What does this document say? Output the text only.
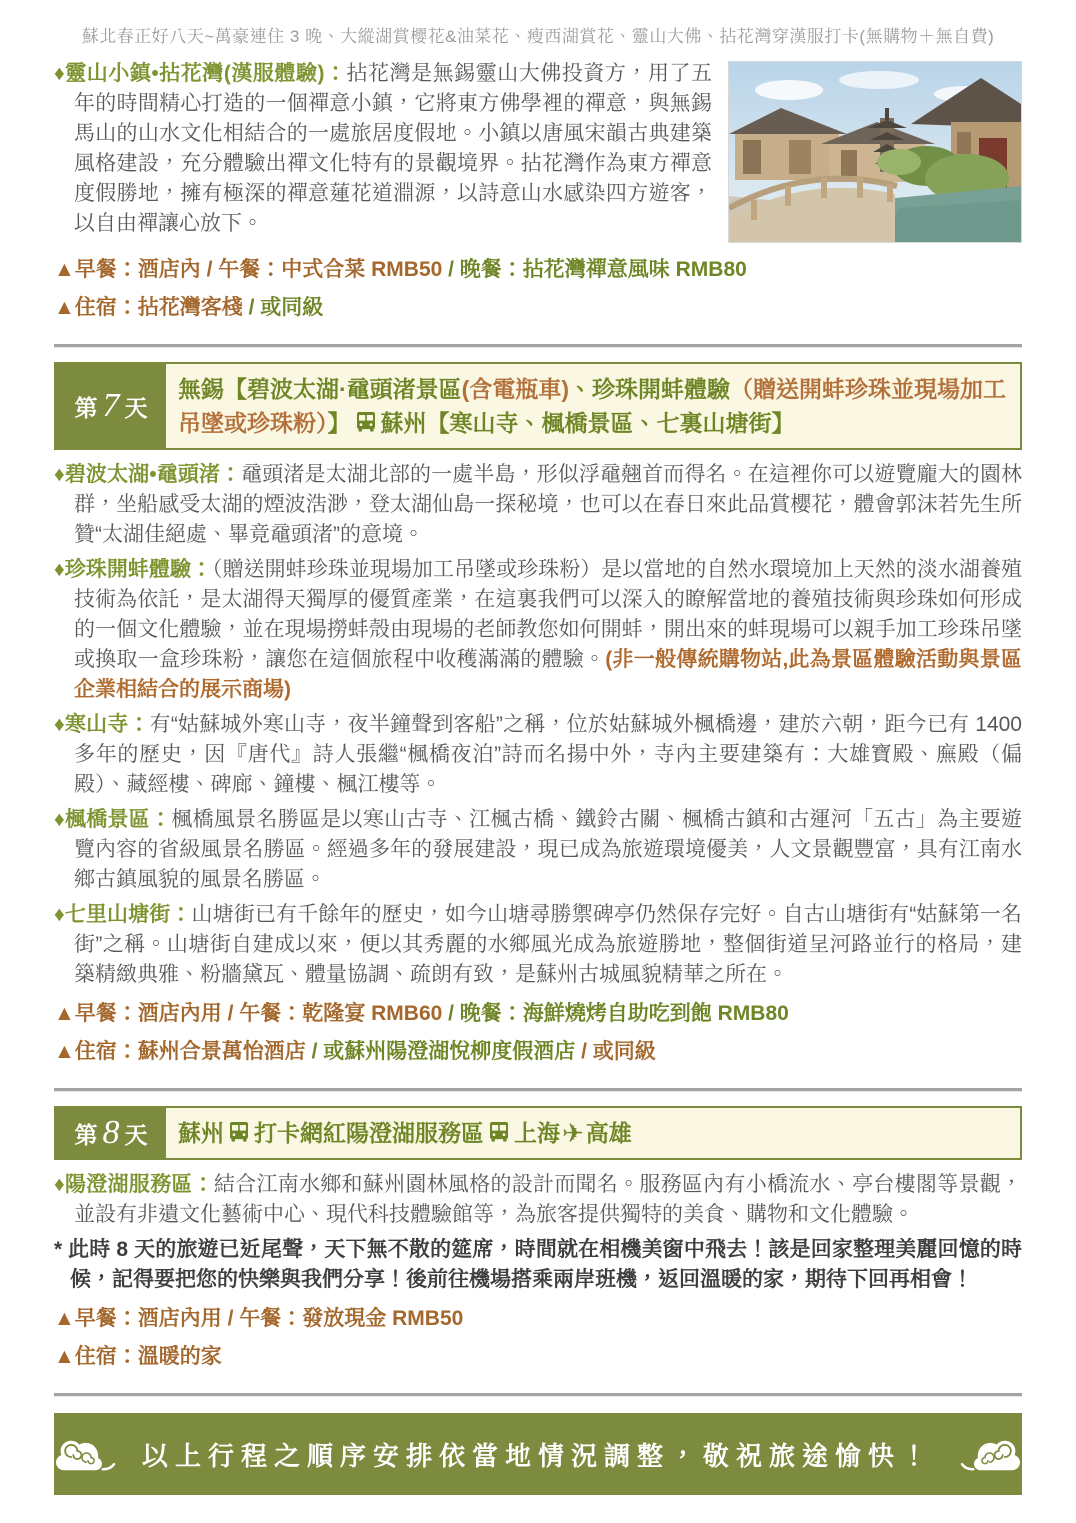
蘇北春正好八天~萬豪連住 3 晚、大縱湖賞櫻花&油菜花、瘦西湖賞花、靈山大佛、拈花灣穿漢服打卡(無購物＋無自費)

♦靈山小鎮•拈花灣(漢服體驗)：拈花灣是無錫靈山大佛投資方，用了五年的時間精心打造的一個禪意小鎮，它將東方佛學裡的禪意，與無錫馬山的山水文化相結合的一處旅居度假地。小鎮以唐風宋韻古典建築風格建設，充分體驗出禪文化特有的景觀境界。拈花灣作為東方禪意度假勝地，擁有極深的禪意蓮花道淵源，以詩意山水感染四方遊客，以自由禪讓心放下。

▲早餐：酒店內 / 午餐：中式合菜 RMB50 / 晚餐：拈花灣禪意風味 RMB80

▲住宿：拈花灣客棧 / 或同級

第 7 天
無錫【碧波太湖·黿頭渚景區(含電瓶車)、珍珠開蚌體驗（贈送開蚌珍珠並現場加工吊墜或珍珠粉）】 蘇州【寒山寺、楓橋景區、七裏山塘街】

♦碧波太湖•黿頭渚：黿頭渚是太湖北部的一處半島，形似浮黿翹首而得名。在這裡你可以遊覽龐大的園林群，坐船感受太湖的煙波浩渺，登太湖仙島一探秘境，也可以在春日來此品賞櫻花，體會郭沫若先生所贊“太湖佳絕處、畢竟黿頭渚”的意境。

♦珍珠開蚌體驗：（贈送開蚌珍珠並現場加工吊墜或珍珠粉）是以當地的自然水環境加上天然的淡水湖養殖技術為依託，是太湖得天獨厚的優質產業，在這裏我們可以深入的瞭解當地的養殖技術與珍珠如何形成的一個文化體驗，並在現場撈蚌殼由現場的老師教您如何開蚌，開出來的蚌現場可以親手加工珍珠吊墜或換取一盒珍珠粉，讓您在這個旅程中收穫滿滿的體驗。(非一般傳統購物站,此為景區體驗活動與景區企業相結合的展示商場)

♦寒山寺：有“姑蘇城外寒山寺，夜半鐘聲到客船”之稱，位於姑蘇城外楓橋邊，建於六朝，距今已有 1400 多年的歷史，因『唐代』詩人張繼“楓橋夜泊”詩而名揚中外，寺內主要建築有：大雄寶殿、廡殿（偏殿）、藏經樓、碑廊、鐘樓、楓江樓等。

♦楓橋景區：楓橋風景名勝區是以寒山古寺、江楓古橋、鐵鈴古關、楓橋古鎮和古運河「五古」為主要遊覽內容的省級風景名勝區。經過多年的發展建設，現已成為旅遊環境優美，人文景觀豐富，具有江南水鄉古鎮風貌的風景名勝區。

♦七里山塘街：山塘街已有千餘年的歷史，如今山塘尋勝禦碑亭仍然保存完好。自古山塘街有“姑蘇第一名街”之稱。山塘街自建成以來，便以其秀麗的水鄉風光成為旅遊勝地，整個街道呈河路並行的格局，建築精緻典雅、粉牆黛瓦、體量協調、疏朗有致，是蘇州古城風貌精華之所在。

▲早餐：酒店內用 / 午餐：乾隆宴 RMB60 / 晚餐：海鮮燒烤自助吃到飽 RMB80

▲住宿：蘇州合景萬怡酒店 / 或蘇州陽澄湖悅柳度假酒店 / 或同級

第 8 天	蘇州 打卡網紅陽澄湖服務區 上海✈高雄

♦陽澄湖服務區：結合江南水鄉和蘇州園林風格的設計而聞名。服務區內有小橋流水、亭台樓閣等景觀，並設有非遺文化藝術中心、現代科技體驗館等，為旅客提供獨特的美食、購物和文化體驗。

* 此時 8 天的旅遊已近尾聲，天下無不散的筵席，時間就在相機美窗中飛去！該是回家整理美麗回憶的時候，記得要把您的快樂與我們分享！後前往機場搭乘兩岸班機，返回溫暖的家，期待下回再相會！

▲早餐：酒店內用 / 午餐：發放現金 RMB50

▲住宿：溫暖的家

以上行程之順序安排依當地情況調整，敬祝旅途愉快！
